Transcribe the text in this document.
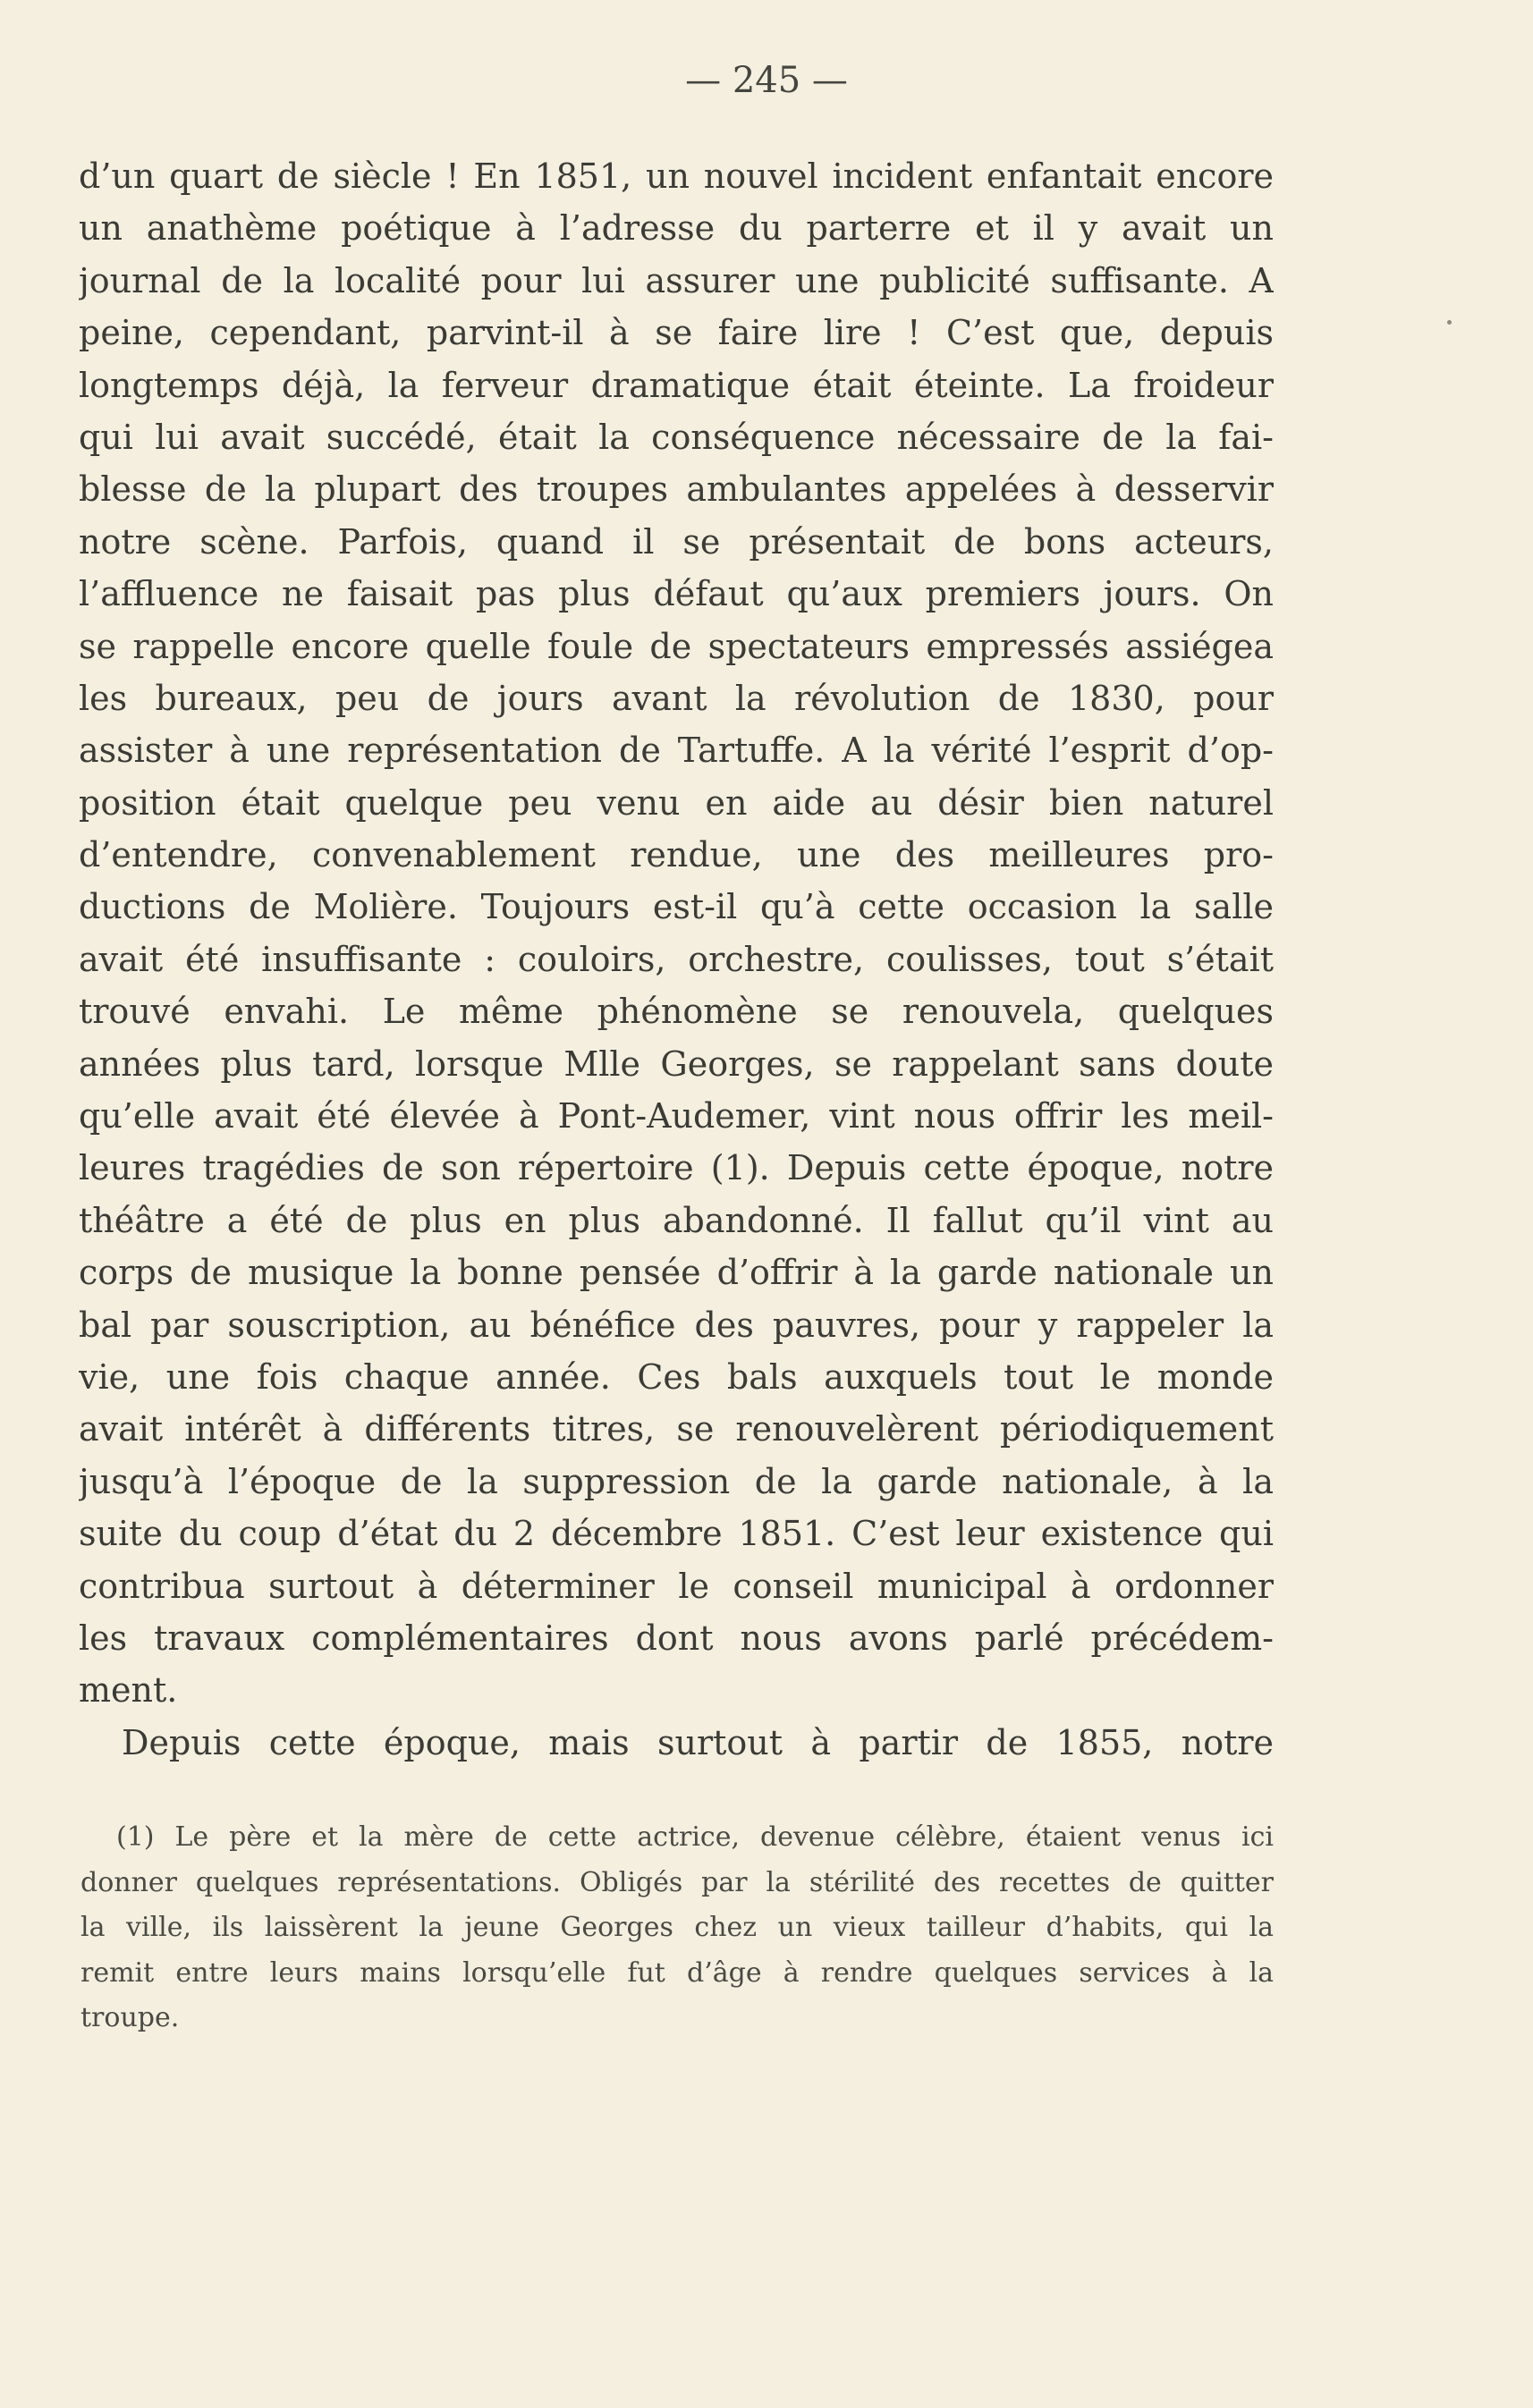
— 245 —
d’un quart de siècle ! En 1851, un nouvel incident enfantait encore
un anathème poétique à l’adresse du parterre et il y avait un
journal de la localité pour lui assurer une publicité suffisante. A
peine, cependant, parvint-il à se faire lire ! C’est que, depuis
longtemps déjà, la ferveur dramatique était éteinte. La froideur
qui lui avait succédé, était la conséquence nécessaire de la fai-
blesse de la plupart des troupes ambulantes appelées à desservir
notre scène. Parfois, quand il se présentait de bons acteurs,
l’affluence ne faisait pas plus défaut qu’aux premiers jours. On
se rappelle encore quelle foule de spectateurs empressés assiégea
les bureaux, peu de jours avant la révolution de 1830, pour
assister à une représentation de Tartuffe. A la vérité l’esprit d’op-
position était quelque peu venu en aide au désir bien naturel
d’entendre, convenablement rendue, une des meilleures pro-
ductions de Molière. Toujours est-il qu’à cette occasion la salle
avait été insuffisante : couloirs, orchestre, coulisses, tout s’était
trouvé envahi. Le même phénomène se renouvela, quelques
années plus tard, lorsque Mlle Georges, se rappelant sans doute
qu’elle avait été élevée à Pont-Audemer, vint nous offrir les meil-
leures tragédies de son répertoire (1). Depuis cette époque, notre
théâtre a été de plus en plus abandonné. Il fallut qu’il vint au
corps de musique la bonne pensée d’offrir à la garde nationale un
bal par souscription, au bénéfice des pauvres, pour y rappeler la
vie, une fois chaque année. Ces bals auxquels tout le monde
avait intérêt à différents titres, se renouvelèrent périodiquement
jusqu’à l’époque de la suppression de la garde nationale, à la
suite du coup d’état du 2 décembre 1851. C’est leur existence qui
contribua surtout à déterminer le conseil municipal à ordonner
les travaux complémentaires dont nous avons parlé précédem-
ment.
Depuis cette époque, mais surtout à partir de 1855, notre
(1) Le père et la mère de cette actrice, devenue célèbre, étaient venus ici
donner quelques représentations. Obligés par la stérilité des recettes de quitter
la ville, ils laissèrent la jeune Georges chez un vieux tailleur d’habits, qui la
remit entre leurs mains lorsqu’elle fut d’âge à rendre quelques services à la
troupe.
